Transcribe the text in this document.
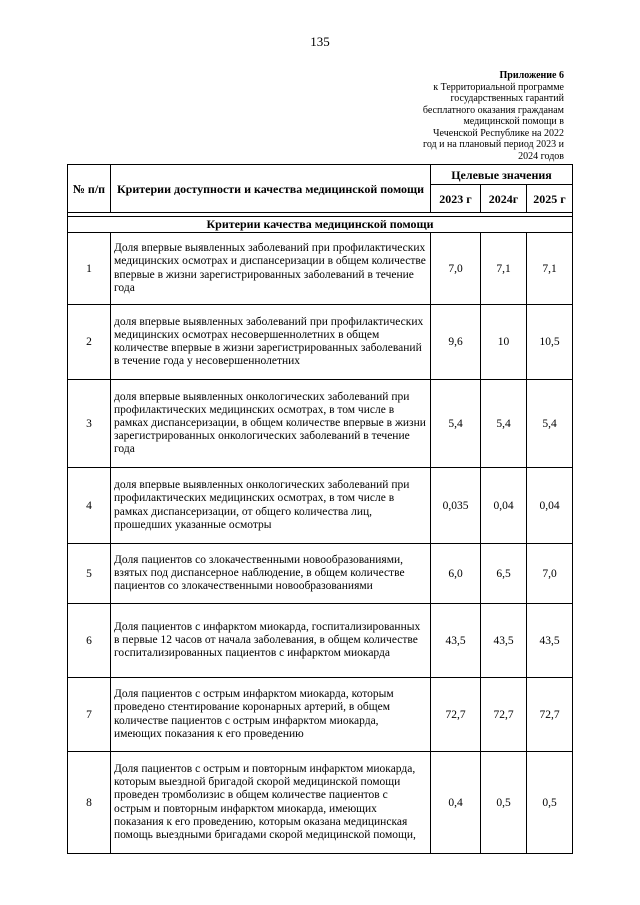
135
Приложение 6
к Территориальной программе
государственных гарантий
бесплатного оказания гражданам
медицинской помощи в
Чеченской Республике на 2022
год и на плановый период 2023 и
2024 годов
№ п/п	Критерии доступности и качества медицинской помощи	Целевые значения		
		2023 г	2024г	2025 г

Критерии качества медицинской помощи				
1	Доля впервые выявленных заболеваний при профилактических медицинских осмотрах и диспансеризации в общем количестве впервые в жизни зарегистрированных заболеваний в течение года	7,0	7,1	7,1
2	доля впервые выявленных заболеваний при профилактических медицинских осмотрах несовершеннолетних в общем количестве впервые в жизни зарегистрированных заболеваний в течение года у несовершеннолетних	9,6	10	10,5
3	доля впервые выявленных онкологических заболеваний при профилактических медицинских осмотрах, в том числе в рамках диспансеризации, в общем количестве впервые в жизни зарегистрированных онкологических заболеваний в течение года	5,4	5,4	5,4
4	доля впервые выявленных онкологических заболеваний при профилактических медицинских осмотрах, в том числе в рамках диспансеризации, от общего количества лиц, прошедших указанные осмотры	0,035	0,04	0,04
5	Доля пациентов со злокачественными новообразованиями, взятых под диспансерное наблюдение, в общем количестве пациентов со злокачественными новообразованиями	6,0	6,5	7,0
6	Доля пациентов с инфарктом миокарда, госпитализированных в первые 12 часов от начала заболевания, в общем количестве госпитализированных пациентов с инфарктом миокарда	43,5	43,5	43,5
7	Доля пациентов с острым инфарктом миокарда, которым проведено стентирование коронарных артерий, в общем количестве пациентов с острым инфарктом миокарда, имеющих показания к его проведению	72,7	72,7	72,7
8	Доля пациентов с острым и повторным инфарктом миокарда, которым выездной бригадой скорой медицинской помощи проведен тромболизис в общем количестве пациентов с острым и повторным инфарктом миокарда, имеющих показания к его проведению, которым оказана медицинская помощь выездными бригадами скорой медицинской помощи,	0,4	0,5	0,5
